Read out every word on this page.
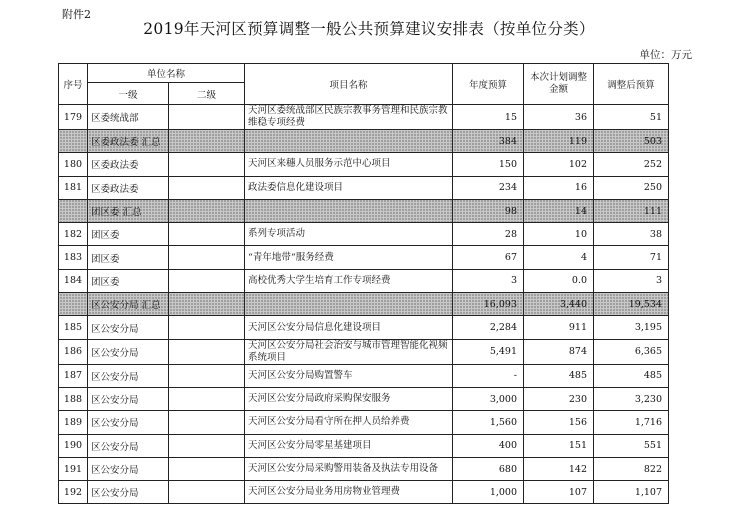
附件2
2019年天河区预算调整一般公共预算建议安排表（按单位分类）
单位：万元
序号	单位名称		项目名称	年度预算	本次计划调整金额	调整后预算
	一级	二级				
179	区委统战部		天河区委统战部区民族宗教事务管理和民族宗教维稳专项经费	15	36	51
	区委政法委 汇总			384	119	503
180	区委政法委		天河区来穗人员服务示范中心项目	150	102	252
181	区委政法委		政法委信息化建设项目	234	16	250
	团区委 汇总			98	14	111
182	团区委		系列专项活动	28	10	38
183	团区委		“青年地带“服务经费	67	4	71
184	团区委		高校优秀大学生培育工作专项经费	3	0.0	3
	区公安分局 汇总			16,093	3,440	19,534
185	区公安分局		天河区公安分局信息化建设项目	2,284	911	3,195
186	区公安分局		天河区公安分局社会治安与城市管理智能化视频系统项目	5,491	874	6,365
187	区公安分局		天河区公安分局购置警车	-	485	485
188	区公安分局		天河区公安分局政府采购保安服务	3,000	230	3,230
189	区公安分局		天河区公安分局看守所在押人员给养费	1,560	156	1,716
190	区公安分局		天河区公安分局零星基建项目	400	151	551
191	区公安分局		天河区公安分局采购警用装备及执法专用设备	680	142	822
192	区公安分局		天河区公安分局业务用房物业管理费	1,000	107	1,107
